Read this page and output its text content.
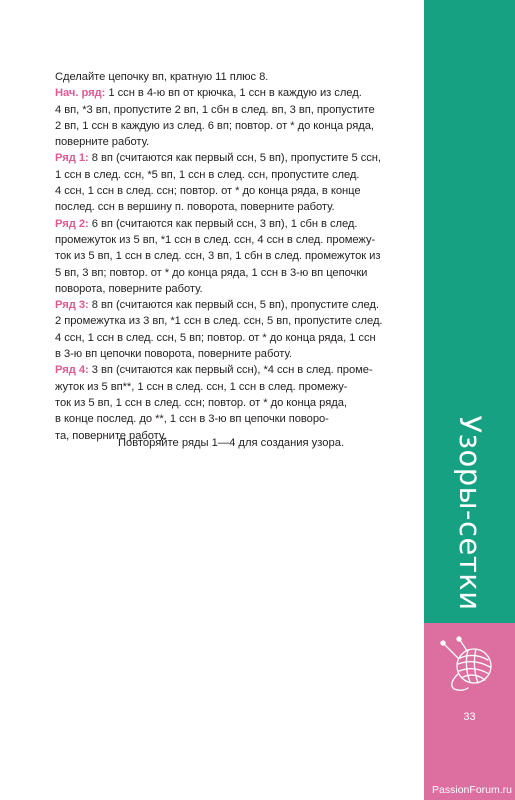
Сделайте цепочку вп, кратную 11 плюс 8.

Нач. ряд: 1 ссн в 4-ю вп от крючка, 1 ссн в каждую из след.
4 вп, *3 вп, пропустите 2 вп, 1 сбн в след. вп, 3 вп, пропустите
2 вп, 1 ссн в каждую из след. 6 вп; повтор. от * до конца ряда,
поверните работу.

Ряд 1: 8 вп (считаются как первый ссн, 5 вп), пропустите 5 ссн,
1 ссн в след. ссн, *5 вп, 1 ссн в след. ссн, пропустите след.
4 ссн, 1 ссн в след. ссн; повтор. от * до конца ряда, в конце
послед. ссн в вершину п. поворота, поверните работу.

Ряд 2: 6 вп (считаются как первый ссн, 3 вп), 1 сбн в след.
промежуток из 5 вп, *1 ссн в след. ссн, 4 ссн в след. промежу-
ток из 5 вп, 1 ссн в след. ссн, 3 вп, 1 сбн в след. промежуток из
5 вп, 3 вп; повтор. от * до конца ряда, 1 ссн в 3-ю вп цепочки
поворота, поверните работу.

Ряд 3: 8 вп (считаются как первый ссн, 5 вп), пропустите след.
2 промежутка из 3 вп, *1 ссн в след. ссн, 5 вп, пропустите след.
4 ссн, 1 ссн в след. ссн, 5 вп; повтор. от * до конца ряда, 1 ссн
в 3-ю вп цепочки поворота, поверните работу.

Ряд 4: 3 вп (считаются как первый ссн), *4 ссн в след. проме-
жуток из 5 вп**, 1 ссн в след. ссн, 1 ссн в след. промежу-
ток из 5 вп, 1 ссн в след. ссн; повтор. от * до конца ряда,
в конце послед. до **, 1 ссн в 3-ю вп цепочки поворо-
та, поверните работу.

Повторяйте ряды 1—4 для создания узора.	Узоры-сетки
33
PassionForum.ru
